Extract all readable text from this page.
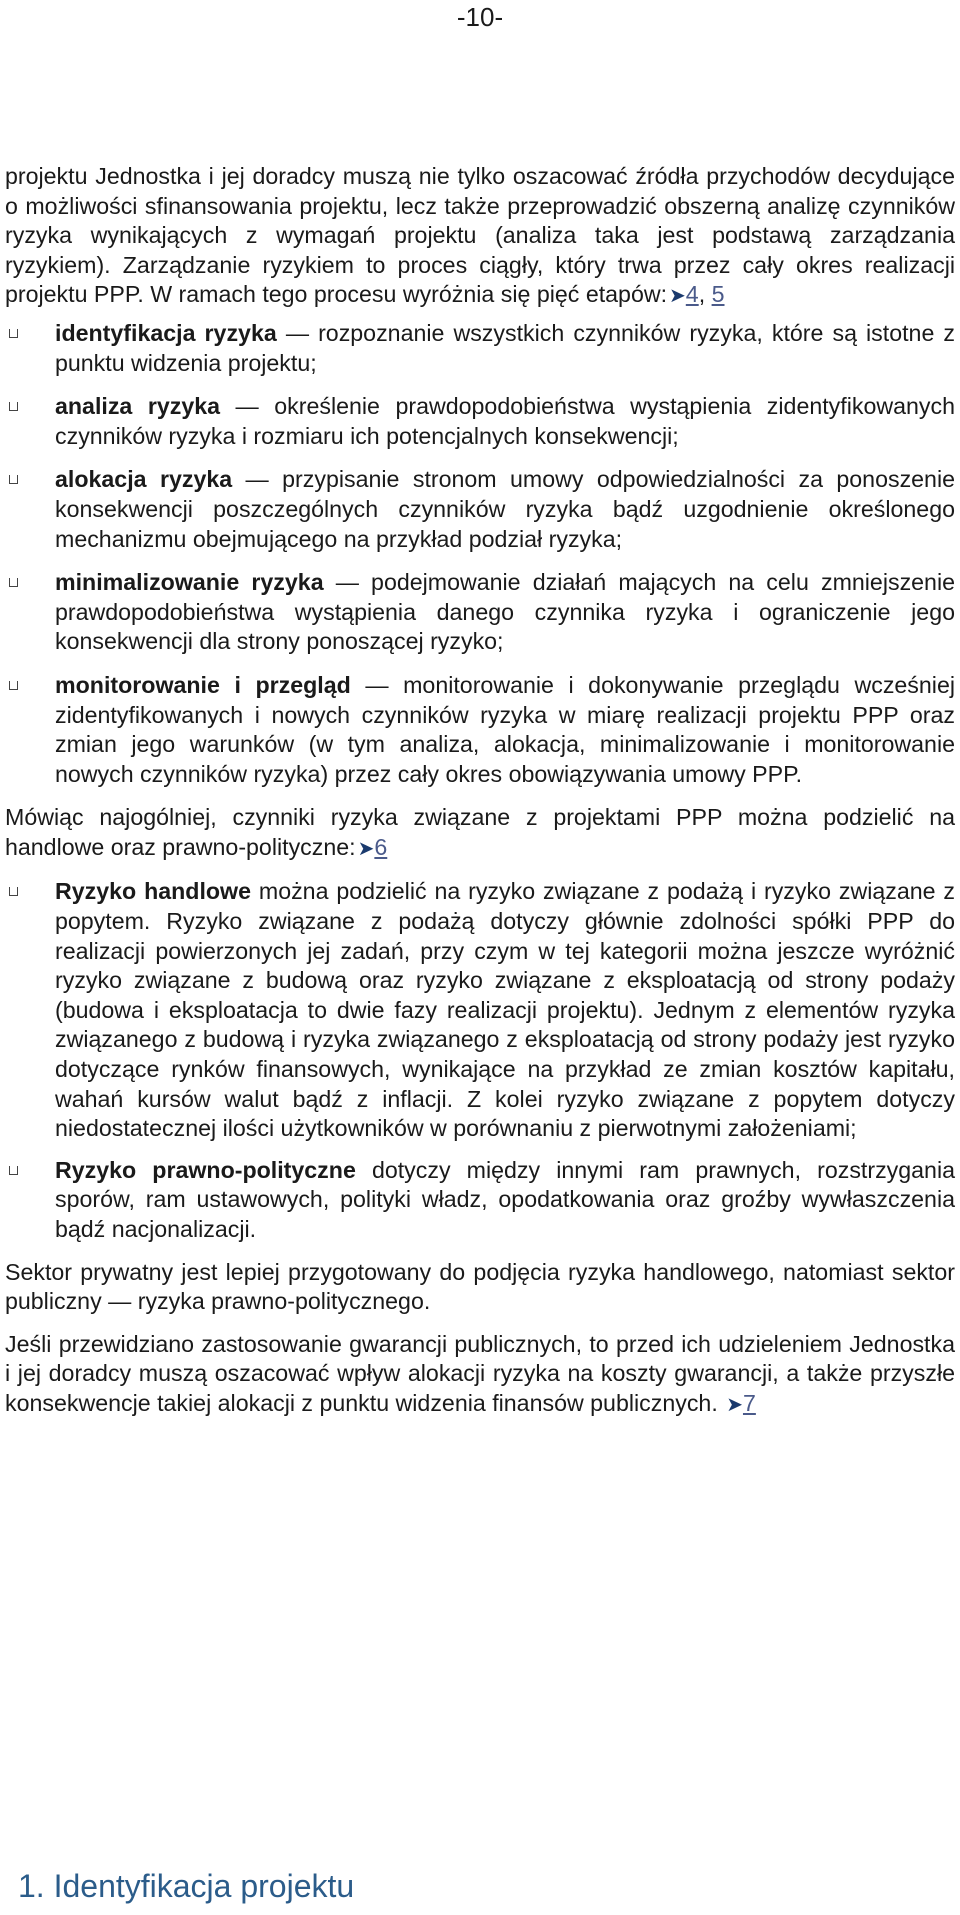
-10-

projektu Jednostka i jej doradcy muszą nie tylko oszacować źródła przychodów decydujące o możliwości sfinansowania projektu, lecz także przeprowadzić obszerną analizę czynników ryzyka wynikających z wymagań projektu (analiza taka jest podstawą zarządzania ryzykiem). Zarządzanie ryzykiem to proces ciągły, który trwa przez cały okres realizacji projektu PPP. W ramach tego procesu wyróżnia się pięć etapów: ➤4, 5

identyfikacja ryzyka — rozpoznanie wszystkich czynników ryzyka, które są istotne z punktu widzenia projektu;
analiza ryzyka — określenie prawdopodobieństwa wystąpienia zidentyfikowanych czynników ryzyka i rozmiaru ich potencjalnych konsekwencji;
alokacja ryzyka — przypisanie stronom umowy odpowiedzialności za ponoszenie konsekwencji poszczególnych czynników ryzyka bądź uzgodnienie określonego mechanizmu obejmującego na przykład podział ryzyka;
minimalizowanie ryzyka — podejmowanie działań mających na celu zmniejszenie prawdopodobieństwa wystąpienia danego czynnika ryzyka i ograniczenie jego konsekwencji dla strony ponoszącej ryzyko;
monitorowanie i przegląd — monitorowanie i dokonywanie przeglądu wcześniej zidentyfikowanych i nowych czynników ryzyka w miarę realizacji projektu PPP oraz zmian jego warunków (w tym analiza, alokacja, minimalizowanie i monitorowanie nowych czynników ryzyka) przez cały okres obowiązywania umowy PPP.

Mówiąc najogólniej, czynniki ryzyka związane z projektami PPP można podzielić na handlowe oraz prawno-polityczne: ➤6

Ryzyko handlowe można podzielić na ryzyko związane z podażą i ryzyko związane z popytem. Ryzyko związane z podażą dotyczy głównie zdolności spółki PPP do realizacji powierzonych jej zadań, przy czym w tej kategorii można jeszcze wyróżnić ryzyko związane z budową oraz ryzyko związane z eksploatacją od strony podaży (budowa i eksploatacja to dwie fazy realizacji projektu). Jednym z elementów ryzyka związanego z budową i ryzyka związanego z eksploatacją od strony podaży jest ryzyko dotyczące rynków finansowych, wynikające na przykład ze zmian kosztów kapitału, wahań kursów walut bądź z inflacji. Z kolei ryzyko związane z popytem dotyczy niedostatecznej ilości użytkowników w porównaniu z pierwotnymi założeniami;
Ryzyko prawno-polityczne dotyczy między innymi ram prawnych, rozstrzygania sporów, ram ustawowych, polityki władz, opodatkowania oraz groźby wywłaszczenia bądź nacjonalizacji.

Sektor prywatny jest lepiej przygotowany do podjęcia ryzyka handlowego, natomiast sektor publiczny — ryzyka prawno-politycznego.

Jeśli przewidziano zastosowanie gwarancji publicznych, to przed ich udzieleniem Jednostka i jej doradcy muszą oszacować wpływ alokacji ryzyka na koszty gwarancji, a także przyszłe konsekwencje takiej alokacji z punktu widzenia finansów publicznych. ➤7

1. Identyfikacja projektu
